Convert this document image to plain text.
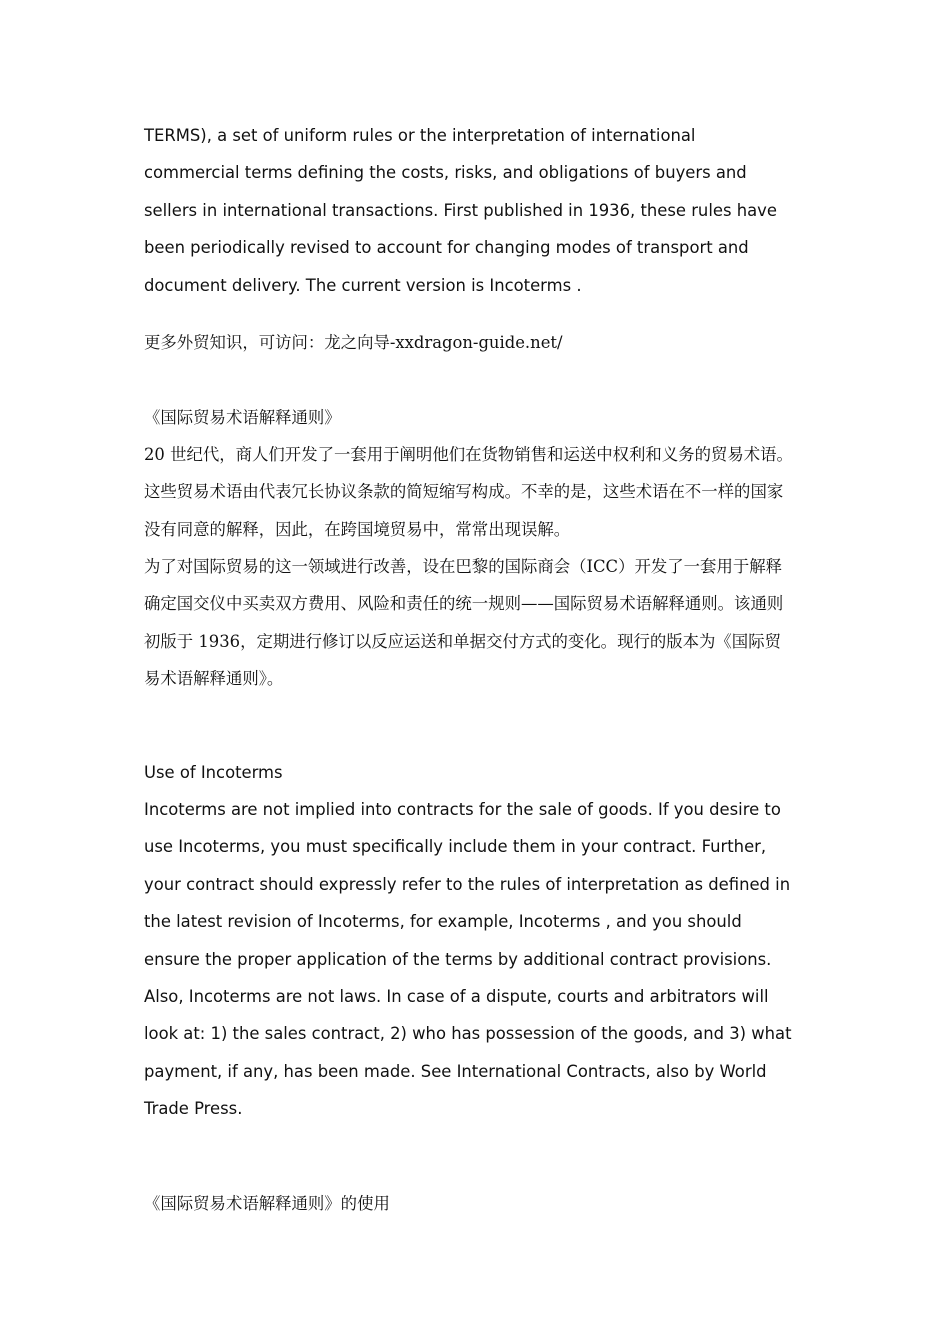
TERMS), a set of uniform rules or the interpretation of international
commercial terms defining the costs, risks, and obligations of buyers and
sellers in international transactions. First published in 1936, these rules have
been periodically revised to account for changing modes of transport and
document delivery. The current version is Incoterms .

更多外贸知识，可访问：龙之向导-xxdragon-guide.net/

《国际贸易术语解释通则》

20 世纪代，商人们开发了一套用于阐明他们在货物销售和运送中权利和义务的贸易术语。
这些贸易术语由代表冗长协议条款的简短缩写构成。不幸的是，这些术语在不一样的国家
没有同意的解释，因此，在跨国境贸易中，常常出现误解。

为了对国际贸易的这一领域进行改善，设在巴黎的国际商会（ICC）开发了一套用于解释
确定国交仪中买卖双方费用、风险和责任的统一规则——国际贸易术语解释通则。该通则
初版于 1936，定期进行修订以反应运送和单据交付方式的变化。现行的版本为《国际贸
易术语解释通则》。

Use of Incoterms

Incoterms are not implied into contracts for the sale of goods. If you desire to
use Incoterms, you must specifically include them in your contract. Further,
your contract should expressly refer to the rules of interpretation as defined in
the latest revision of Incoterms, for example, Incoterms , and you should
ensure the proper application of the terms by additional contract provisions.
Also, Incoterms are not laws. In case of a dispute, courts and arbitrators will
look at: 1) the sales contract, 2) who has possession of the goods, and 3) what
payment, if any, has been made. See International Contracts, also by World
Trade Press.

《国际贸易术语解释通则》的使用
